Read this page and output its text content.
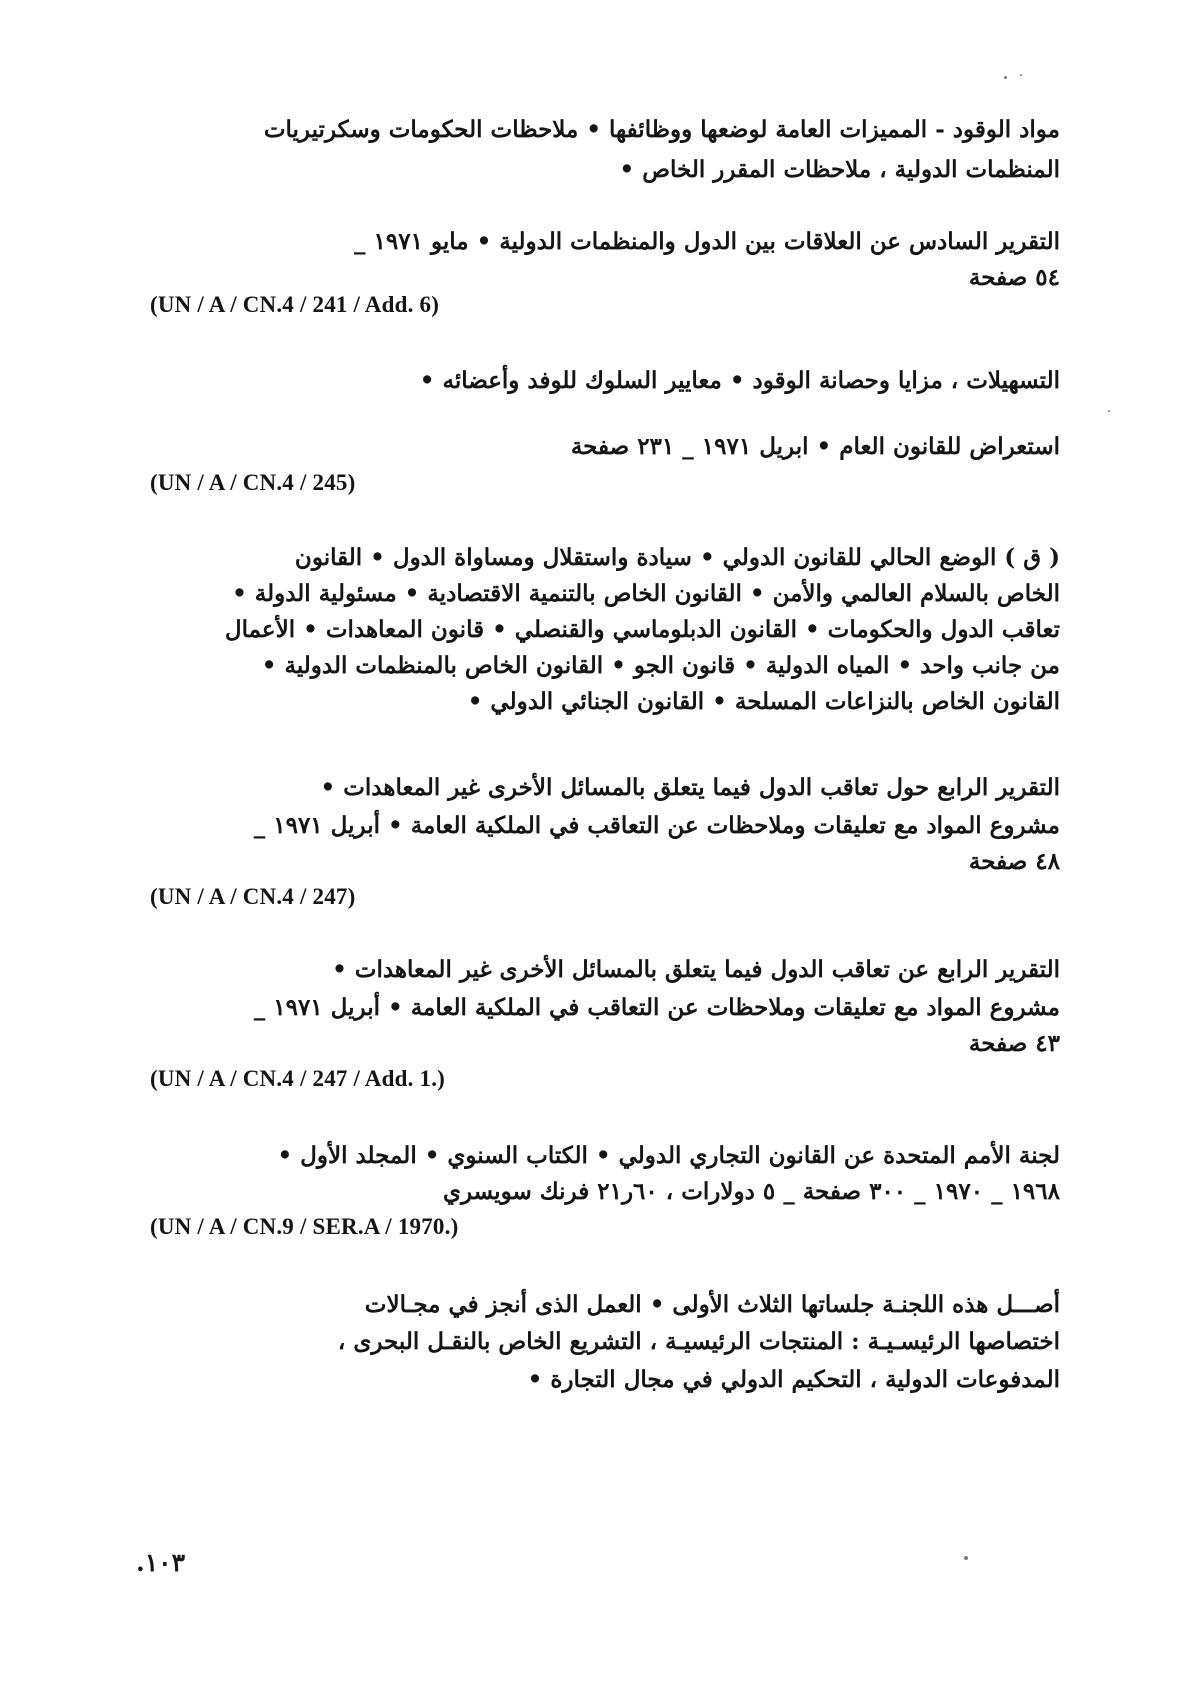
مواد الوقود - المميزات العامة لوضعها ووظائفها • ملاحظات الحكومات وسكرتيريات
المنظمات الدولية ، ملاحظات المقرر الخاص •
التقرير السادس عن العلاقات بين الدول والمنظمات الدولية • مايو ١٩٧١ _
٥٤ صفحة
(UN / A / CN.4 / 241 / Add. 6)
التسهيلات ، مزايا وحصانة الوقود • معايير السلوك للوفد وأعضائه •
استعراض للقانون العام • ابريل ١٩٧١ _ ٢٣١ صفحة
(UN / A / CN.4 / 245)
( ق ) الوضع الحالي للقانون الدولي • سيادة واستقلال ومساواة الدول • القانون
الخاص بالسلام العالمي والأمن • القانون الخاص بالتنمية الاقتصادية • مسئولية الدولة •
تعاقب الدول والحكومات • القانون الدبلوماسي والقنصلي • قانون المعاهدات • الأعمال
من جانب واحد • المياه الدولية • قانون الجو • القانون الخاص بالمنظمات الدولية •
القانون الخاص بالنزاعات المسلحة • القانون الجنائي الدولي •
التقرير الرابع حول تعاقب الدول فيما يتعلق بالمسائل الأخرى غير المعاهدات •
مشروع المواد مع تعليقات وملاحظات عن التعاقب في الملكية العامة • أبريل ١٩٧١ _
٤٨ صفحة
(UN / A / CN.4 / 247)
التقرير الرابع عن تعاقب الدول فيما يتعلق بالمسائل الأخرى غير المعاهدات •
مشروع المواد مع تعليقات وملاحظات عن التعاقب في الملكية العامة • أبريل ١٩٧١ _
٤٣ صفحة
(UN / A / CN.4 / 247 / Add. 1.)
لجنة الأمم المتحدة عن القانون التجاري الدولي • الكتاب السنوي • المجلد الأول •
١٩٦٨ _ ١٩٧٠ _ ٣٠٠ صفحة _ ٥ دولارات ، ٦٠ر٢١ فرنك سويسري
(UN / A / CN.9 / SER.A / 1970.)
أصـــل هذه اللجنـة جلساتها الثلاث الأولى • العمل الذى أنجز في مجـالات
اختصاصها الرئيسـيـة : المنتجات الرئيسيـة ، التشريع الخاص بالنقـل البحرى ،
المدفوعات الدولية ، التحكيم الدولي في مجال التجارة •
١٠٣.
